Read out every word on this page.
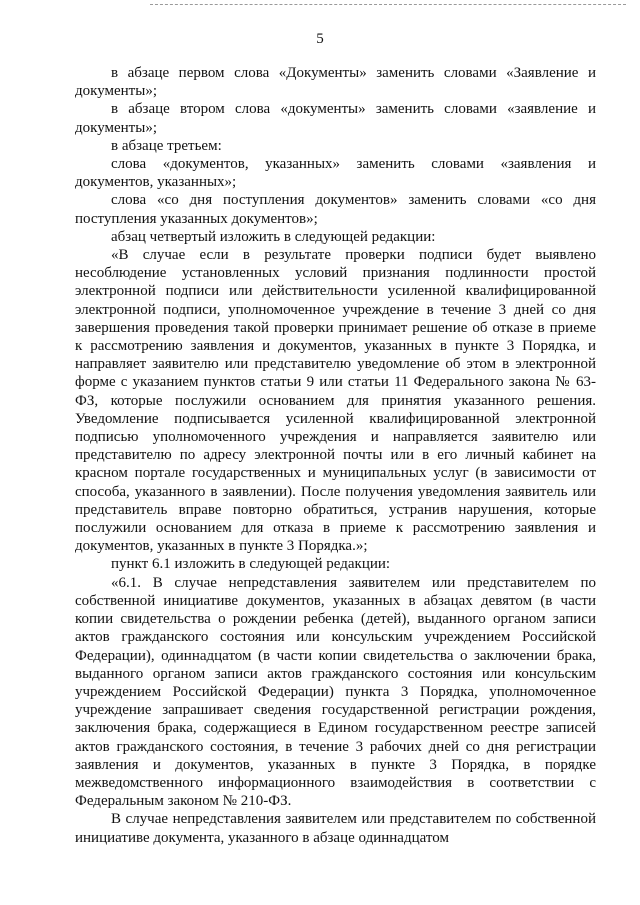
5

в абзаце первом слова «Документы» заменить словами «Заявление и документы»;

в абзаце втором слова «документы» заменить словами «заявление и документы»;

в абзаце третьем:

слова «документов, указанных» заменить словами «заявления и документов, указанных»;

слова «со дня поступления документов» заменить словами «со дня поступления указанных документов»;

абзац четвертый изложить в следующей редакции:

«В случае если в результате проверки подписи будет выявлено несоблюдение установленных условий признания подлинности простой электронной подписи или действительности усиленной квалифицированной электронной подписи, уполномоченное учреждение в течение 3 дней со дня завершения проведения такой проверки принимает решение об отказе в приеме к рассмотрению заявления и документов, указанных в пункте 3 Порядка, и направляет заявителю или представителю уведомление об этом в электронной форме с указанием пунктов статьи 9 или статьи 11 Федерального закона № 63-ФЗ, которые послужили основанием для принятия указанного решения. Уведомление подписывается усиленной квалифицированной электронной подписью уполномоченного учреждения и направляется заявителю или представителю по адресу электронной почты или в его личный кабинет на красном портале государственных и муниципальных услуг (в зависимости от способа, указанного в заявлении). После получения уведомления заявитель или представитель вправе повторно обратиться, устранив нарушения, которые послужили основанием для отказа в приеме к рассмотрению заявления и документов, указанных в пункте 3 Порядка.»;

пункт 6.1 изложить в следующей редакции:

«6.1. В случае непредставления заявителем или представителем по собственной инициативе документов, указанных в абзацах девятом (в части копии свидетельства о рождении ребенка (детей), выданного органом записи актов гражданского состояния или консульским учреждением Российской Федерации), одиннадцатом (в части копии свидетельства о заключении брака, выданного органом записи актов гражданского состояния или консульским учреждением Российской Федерации) пункта 3 Порядка, уполномоченное учреждение запрашивает сведения государственной регистрации рождения, заключения брака, содержащиеся в Едином государственном реестре записей актов гражданского состояния, в течение 3 рабочих дней со дня регистрации заявления и документов, указанных в пункте 3 Порядка, в порядке межведомственного информационного взаимодействия в соответствии с Федеральным законом № 210-ФЗ.

В случае непредставления заявителем или представителем по собственной инициативе документа, указанного в абзаце одиннадцатом
